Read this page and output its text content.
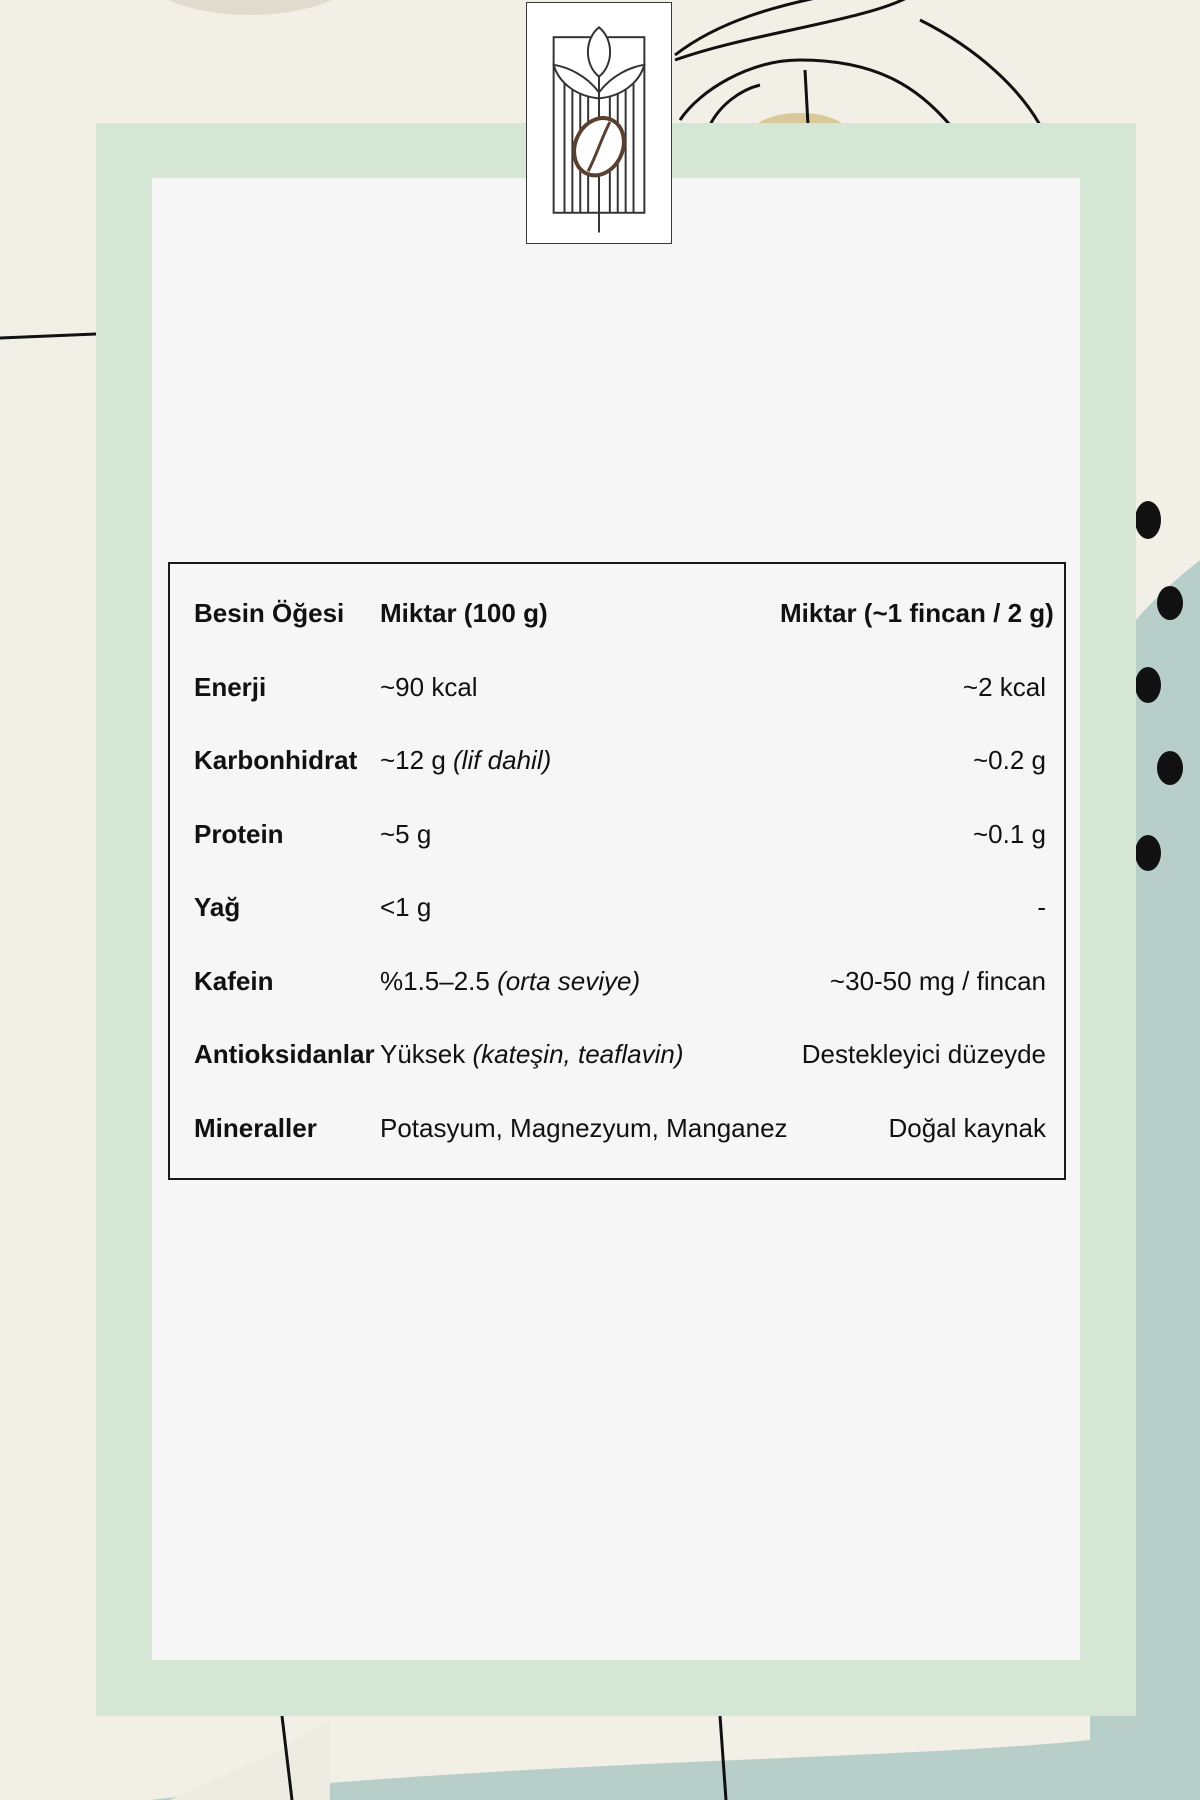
Besin Öğesi	Miktar (100 g)	Miktar (~1 fincan / 2 g)
Enerji	~90 kcal	~2 kcal
Karbonhidrat	~12 g (lif dahil)	~0.2 g
Protein	~5 g	~0.1 g
Yağ	<1 g	-
Kafein	%1.5–2.5 (orta seviye)	~30-50 mg / fincan
Antioksidanlar	Yüksek (kateşin, teaflavin)	Destekleyici düzeyde
Mineraller	Potasyum, Magnezyum, Manganez	Doğal kaynak
